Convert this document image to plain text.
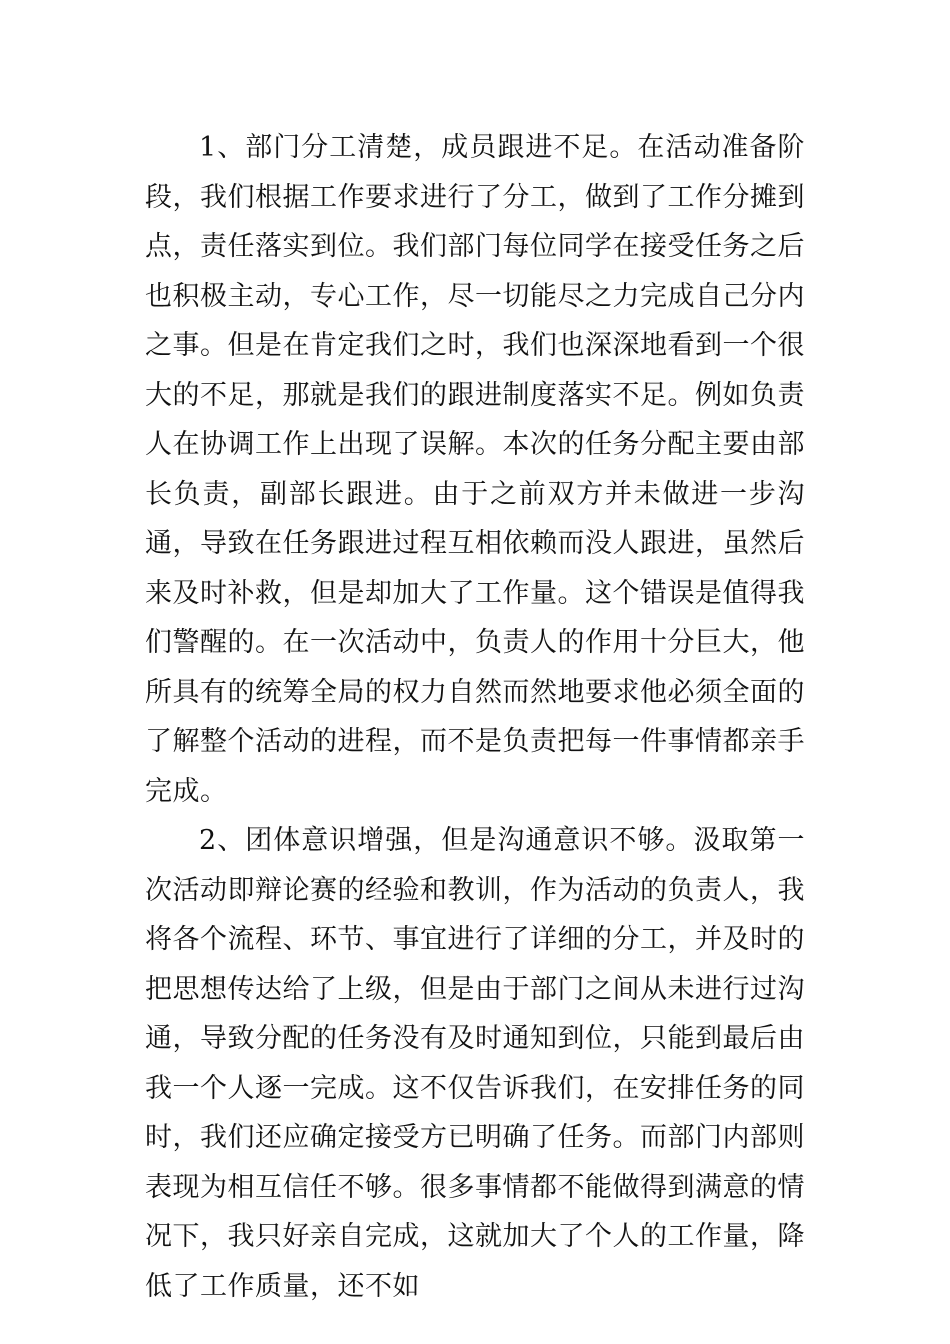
1、部门分工清楚，成员跟进不足。在活动准备阶段，我们根据工作要求进行了分工，做到了工作分摊到点，责任落实到位。我们部门每位同学在接受任务之后也积极主动，专心工作，尽一切能尽之力完成自己分内之事。但是在肯定我们之时，我们也深深地看到一个很大的不足，那就是我们的跟进制度落实不足。例如负责人在协调工作上出现了误解。本次的任务分配主要由部长负责，副部长跟进。由于之前双方并未做进一步沟通，导致在任务跟进过程互相依赖而没人跟进，虽然后来及时补救，但是却加大了工作量。这个错误是值得我们警醒的。在一次活动中，负责人的作用十分巨大，他所具有的统筹全局的权力自然而然地要求他必须全面的了解整个活动的进程，而不是负责把每一件事情都亲手完成。

2、团体意识增强，但是沟通意识不够。汲取第一次活动即辩论赛的经验和教训，作为活动的负责人，我将各个流程、环节、事宜进行了详细的分工，并及时的把思想传达给了上级，但是由于部门之间从未进行过沟通，导致分配的任务没有及时通知到位，只能到最后由我一个人逐一完成。这不仅告诉我们，在安排任务的同时，我们还应确定接受方已明确了任务。而部门内部则表现为相互信任不够。很多事情都不能做得到满意的情况下，我只好亲自完成，这就加大了个人的工作量，降低了工作质量，还不如
